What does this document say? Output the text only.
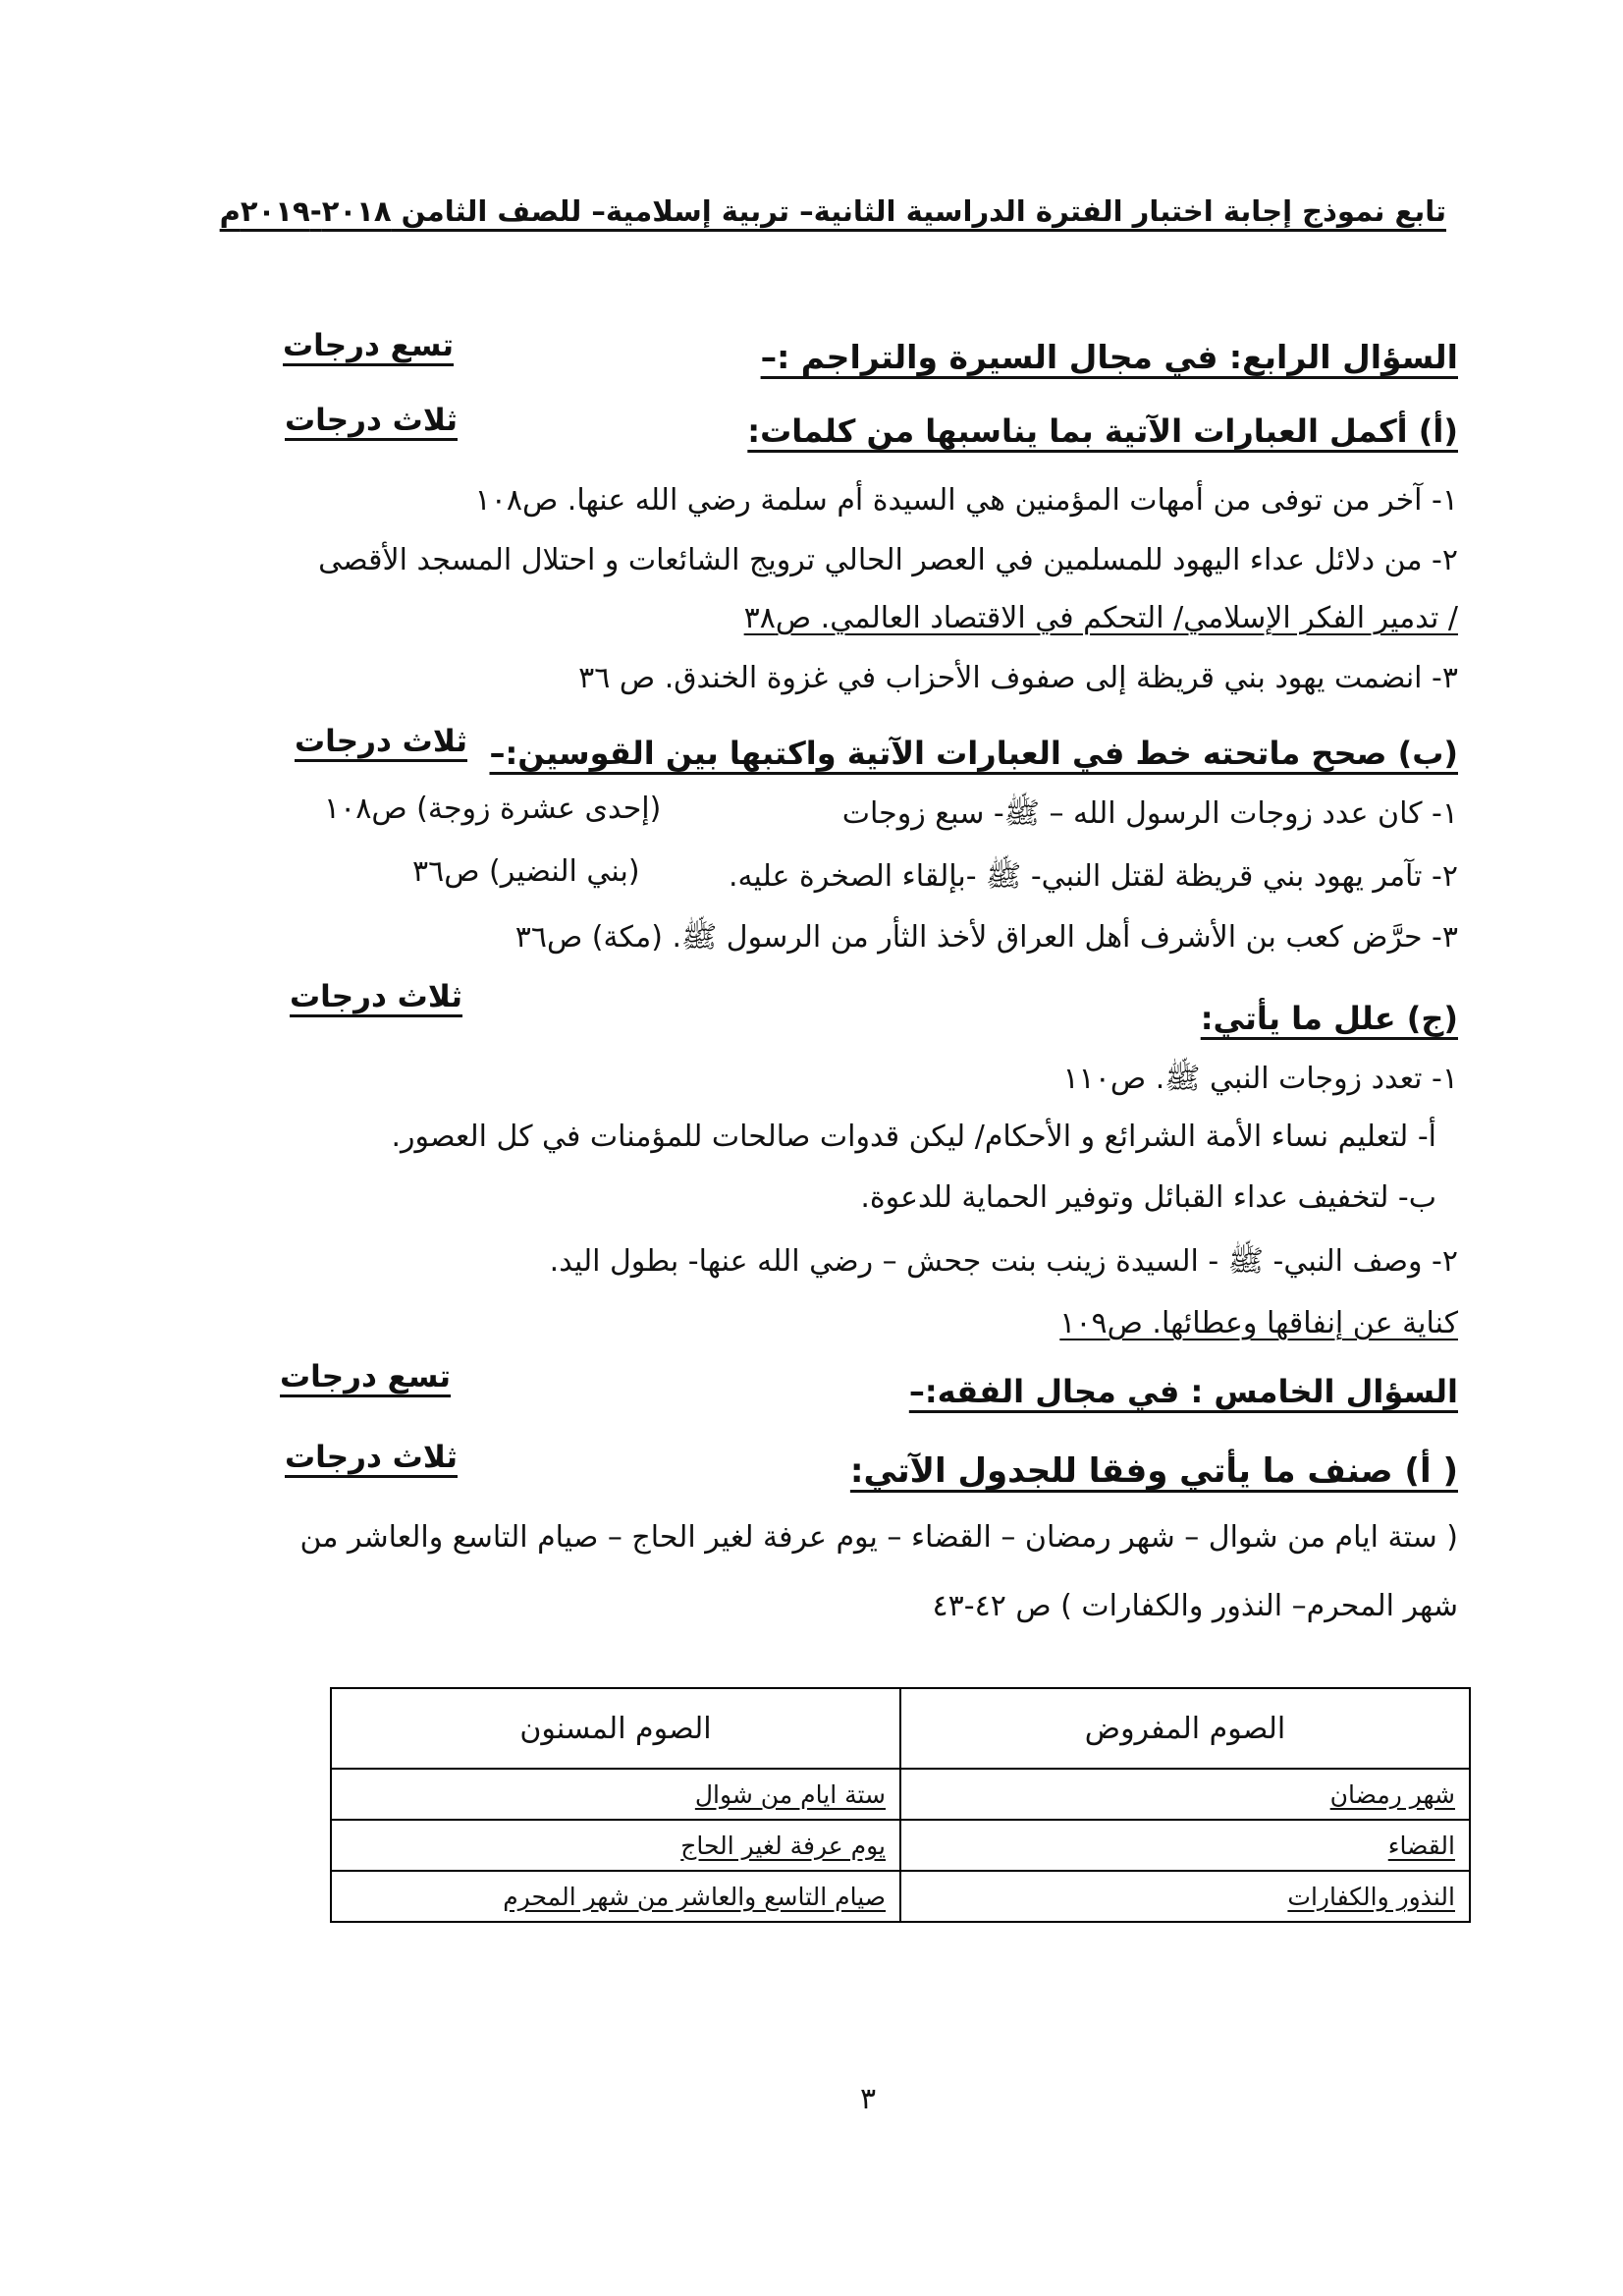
تابع نموذج إجابة اختبار الفترة الدراسية الثانية– تربية إسلامية– للصف الثامن ٢٠١٨-٢٠١٩م
السؤال الرابع: في مجال السيرة والتراجم :–
تسع درجات
(أ) أكمل العبارات الآتية بما يناسبها من كلمات:
ثلاث درجات
١- آخر من توفى من أمهات المؤمنين هي السيدة أم سلمة رضي الله عنها. ص١٠٨
٢- من دلائل عداء اليهود للمسلمين في العصر الحالي ترويج الشائعات و احتلال المسجد الأقصى
/ تدمير الفكر الإسلامي/ التحكم في الاقتصاد العالمي. ص٣٨
٣- انضمت يهود بني قريظة إلى صفوف الأحزاب في غزوة الخندق. ص ٣٦
(ب) صحح ماتحته خط في العبارات الآتية واكتبها بين القوسين:–
ثلاث درجات
١- كان عدد زوجات الرسول الله – ﷺ- سبع زوجات
(إحدى عشرة زوجة) ص١٠٨
٢- تآمر يهود بني قريظة لقتل النبي- ﷺ -بإلقاء الصخرة عليه.
(بني النضير) ص٣٦
٣- حرَّض كعب بن الأشرف أهل العراق لأخذ الثأر من الرسول ﷺ. (مكة) ص٣٦
(ج) علل ما يأتي:
ثلاث درجات
١- تعدد زوجات النبي ﷺ. ص١١٠
أ- لتعليم نساء الأمة الشرائع و الأحكام/ ليكن قدوات صالحات للمؤمنات في كل العصور.
ب- لتخفيف عداء القبائل وتوفير الحماية للدعوة.
٢- وصف النبي- ﷺ - السيدة زينب بنت جحش – رضي الله عنها- بطول اليد.
كناية عن إنفاقها وعطائها. ص١٠٩
السؤال الخامس : في مجال الفقه:–
تسع درجات
( أ) صنف ما يأتي وفقا للجدول الآتي:
ثلاث درجات
( ستة ايام من شوال – شهر رمضان – القضاء – يوم عرفة لغير الحاج – صيام التاسع والعاشر من
شهر المحرم– النذور والكفارات ) ص ٤٢-٤٣
الصوم المفروض	الصوم المسنون
شهر رمضان	ستة ايام من شوال
القضاء	يوم عرفة لغير الحاج
النذور والكفارات	صيام التاسع والعاشر من شهر المحرم
٣
